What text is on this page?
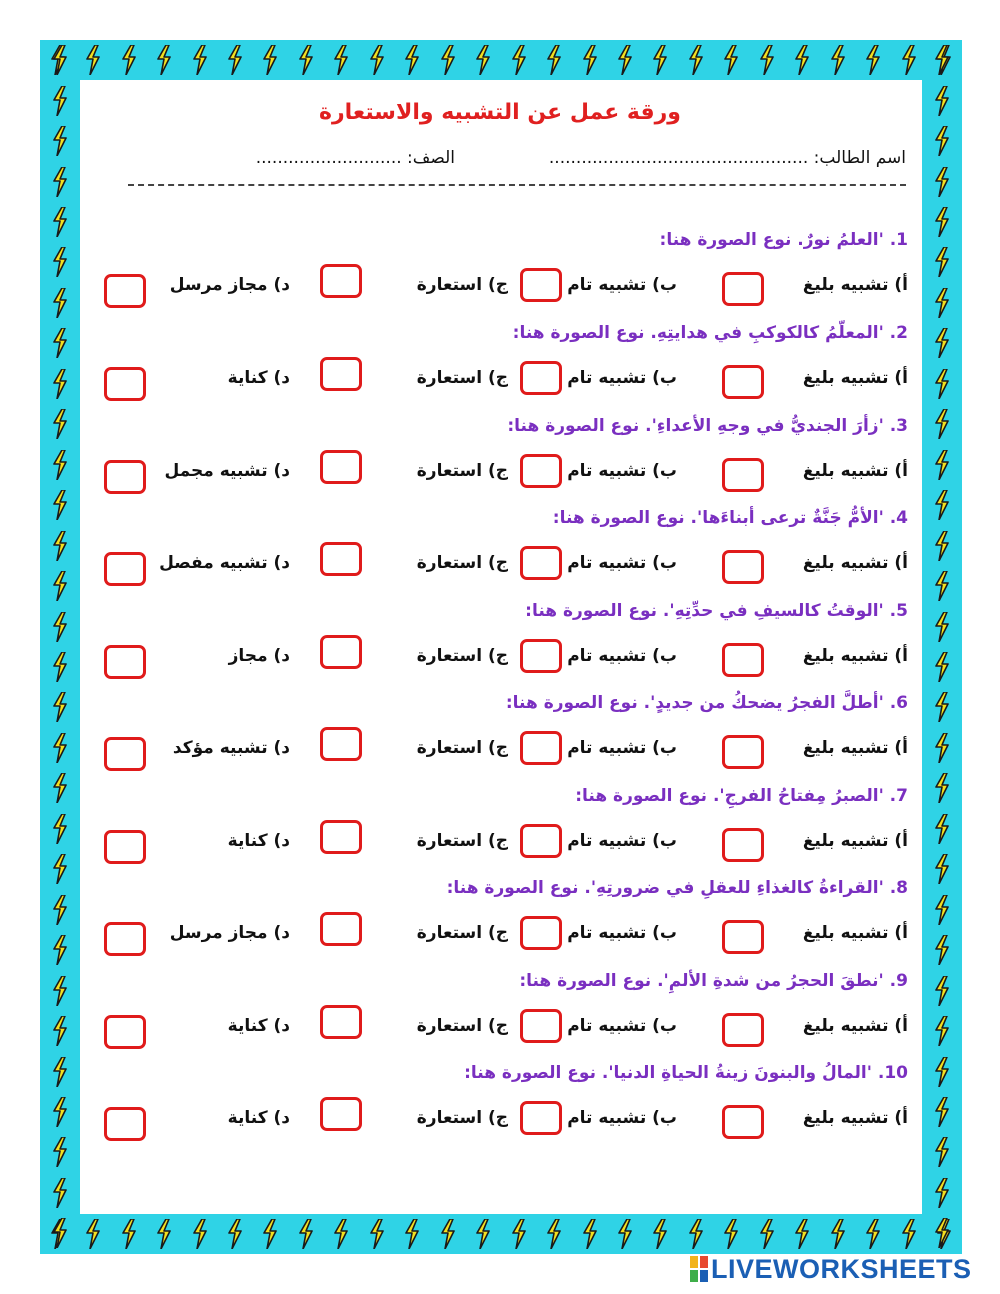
ورقة عمل عن التشبيه والاستعارة
اسم الطالب: ................................................
الصف: ...........................
1. 'العلمُ نورٌ. نوع الصورة هنا:
أ) تشبيه بليغ
ب) تشبيه تام
ج) استعارة
د) مجاز مرسل
2. 'المعلّمُ كالكوكبِ في هدايتِهِ. نوع الصورة هنا:
أ) تشبيه بليغ
ب) تشبيه تام
ج) استعارة
د) كناية
3. 'زأرَ الجنديُّ في وجهِ الأعداءِ'. نوع الصورة هنا:
أ) تشبيه بليغ
ب) تشبيه تام
ج) استعارة
د) تشبيه مجمل
4. 'الأمُّ جَنَّةٌ ترعى أبناءَها'. نوع الصورة هنا:
أ) تشبيه بليغ
ب) تشبيه تام
ج) استعارة
د) تشبيه مفصل
5. 'الوقتُ كالسيفِ في حدِّتِهِ'. نوع الصورة هنا:
أ) تشبيه بليغ
ب) تشبيه تام
ج) استعارة
د) مجاز
6. 'أطلَّ الفجرُ يضحكُ من جديدٍ'. نوع الصورة هنا:
أ) تشبيه بليغ
ب) تشبيه تام
ج) استعارة
د) تشبيه مؤكد
7. 'الصبرُ مِفتاحُ الفرجِ'. نوع الصورة هنا:
أ) تشبيه بليغ
ب) تشبيه تام
ج) استعارة
د) كناية
8. 'القراءةُ كالغذاءِ للعقلِ في ضرورتِهِ'. نوع الصورة هنا:
أ) تشبيه بليغ
ب) تشبيه تام
ج) استعارة
د) مجاز مرسل
9. 'نطقَ الحجرُ من شدةِ الألمِ'. نوع الصورة هنا:
أ) تشبيه بليغ
ب) تشبيه تام
ج) استعارة
د) كناية
10. 'المالُ والبنونَ زينةُ الحياةِ الدنيا'. نوع الصورة هنا:
أ) تشبيه بليغ
ب) تشبيه تام
ج) استعارة
د) كناية
LIVEWORKSHEETS
